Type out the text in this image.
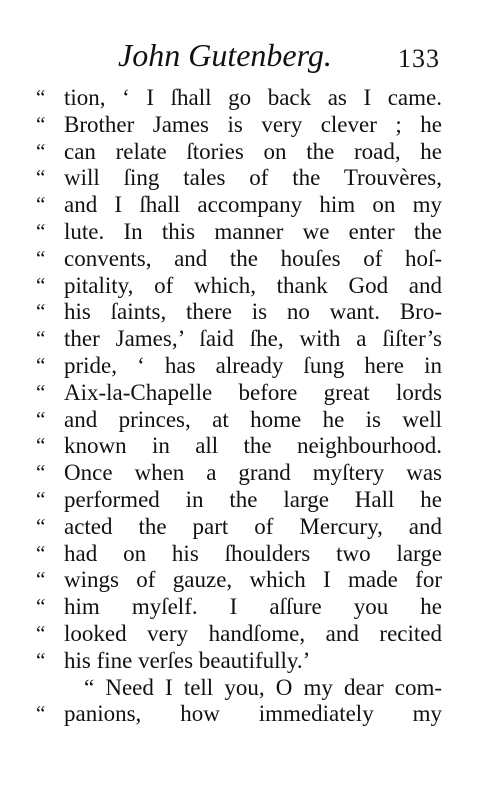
John Gutenberg.	133
“ tion, ‘ I ſhall go back as I came.
“ Brother James is very clever ; he
“ can relate ſtories on the road, he
“ will ſing tales of the Trouvères,
“ and I ſhall accompany him on my
“ lute. In this manner we enter the
“ convents, and the houſes of hoſ-
“ pitality, of which, thank God and
“ his ſaints, there is no want. Bro-
“ ther James,’ ſaid ſhe, with a ſiſter’s
“ pride, ‘ has already ſung here in
“ Aix-la-Chapelle before great lords
“ and princes, at home he is well
“ known in all the neighbourhood.
“ Once when a grand myſtery was
“ performed in the large Hall he
“ acted the part of Mercury, and
“ had on his ſhoulders two large
“ wings of gauze, which I made for
“ him myſelf. I aſſure you he
“ looked very handſome, and recited
“ his fine verſes beautifully.’
“ Need I tell you, O my dear com-
“ panions, how immediately my
